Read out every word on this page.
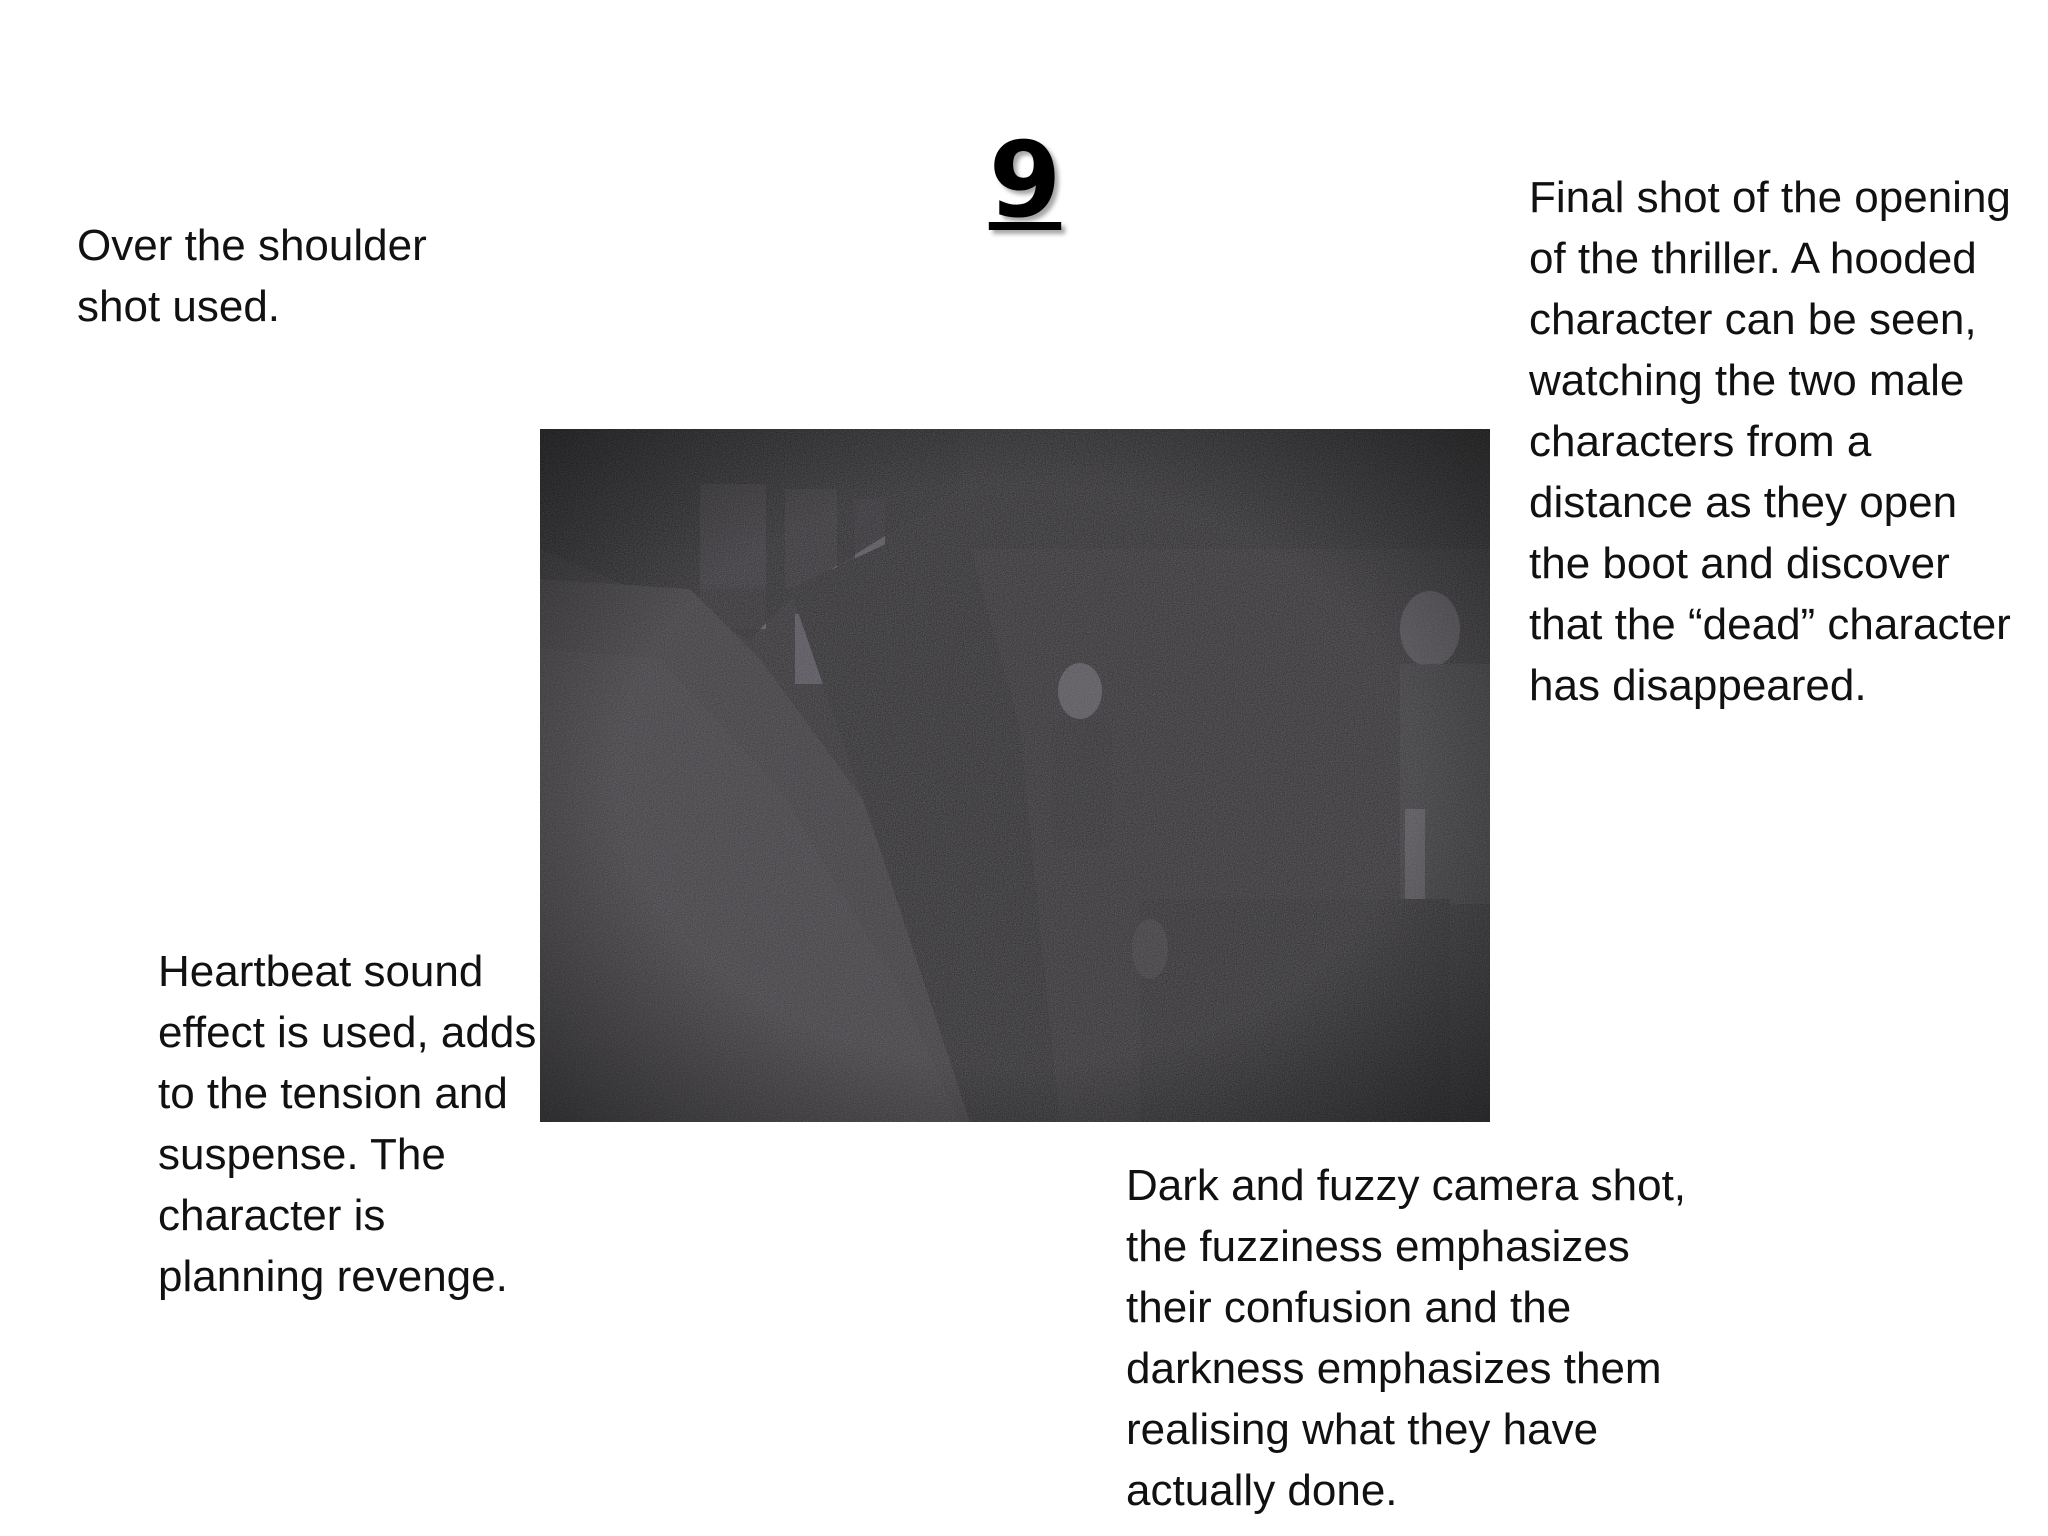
9

Over the shoulder shot used.

Final shot of the opening of the thriller. A hooded character can be seen, watching the two male characters from a distance as they open the boot and discover that the “dead” character has disappeared.

Heartbeat sound effect is used, adds to the tension and suspense. The character is planning revenge.

Dark and fuzzy camera shot, the fuzziness emphasizes their confusion and the darkness emphasizes them realising what they have actually done.
